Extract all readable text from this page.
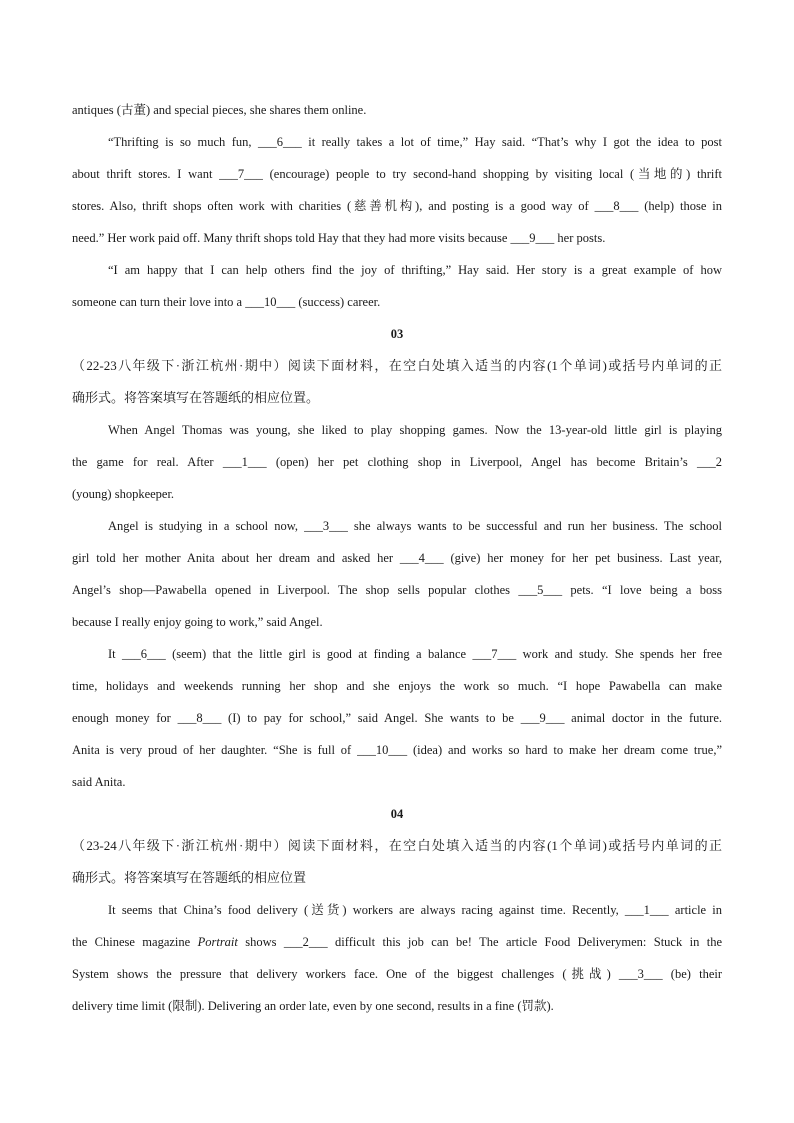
antiques (古董) and special pieces, she shares them online.
“Thrifting is so much fun, ___6___ it really takes a lot of time,” Hay said. “That’s why I got the idea to post
about thrift stores. I want ___7___ (encourage) people to try second-hand shopping by visiting local (当地的) thrift
stores. Also, thrift shops often work with charities (慈善机构), and posting is a good way of ___8___ (help) those in
need.” Her work paid off. Many thrift shops told Hay that they had more visits because ___9___ her posts.
“I am happy that I can help others find the joy of thrifting,” Hay said. Her story is a great example of how
someone can turn their love into a ___10___ (success) career.
03
（22-23八年级下·浙江杭州·期中）阅读下面材料，在空白处填入适当的内容(1个单词)或括号内单词的正
确形式。将答案填写在答题纸的相应位置。
When Angel Thomas was young, she liked to play shopping games. Now the 13-year-old little girl is playing
the game for real. After ___1___ (open) her pet clothing shop in Liverpool, Angel has become Britain’s ___2
(young) shopkeeper.
Angel is studying in a school now, ___3___ she always wants to be successful and run her business. The school
girl told her mother Anita about her dream and asked her ___4___ (give) her money for her pet business. Last year,
Angel’s shop—Pawabella opened in Liverpool. The shop sells popular clothes ___5___ pets. “I love being a boss
because I really enjoy going to work,” said Angel.
It ___6___ (seem) that the little girl is good at finding a balance ___7___ work and study. She spends her free
time, holidays and weekends running her shop and she enjoys the work so much. “I hope Pawabella can make
enough money for ___8___ (I) to pay for school,” said Angel. She wants to be ___9___ animal doctor in the future.
Anita is very proud of her daughter. “She is full of ___10___ (idea) and works so hard to make her dream come true,”
said Anita.
04
（23-24八年级下·浙江杭州·期中）阅读下面材料，在空白处填入适当的内容(1个单词)或括号内单词的正
确形式。将答案填写在答题纸的相应位置
It seems that China’s food delivery (送货) workers are always racing against time. Recently, ___1___ article in
the Chinese magazine Portrait shows ___2___ difficult this job can be! The article Food Deliverymen: Stuck in the
System shows the pressure that delivery workers face. One of the biggest challenges (挑战) ___3___ (be) their
delivery time limit (限制). Delivering an order late, even by one second, results in a fine (罚款).
